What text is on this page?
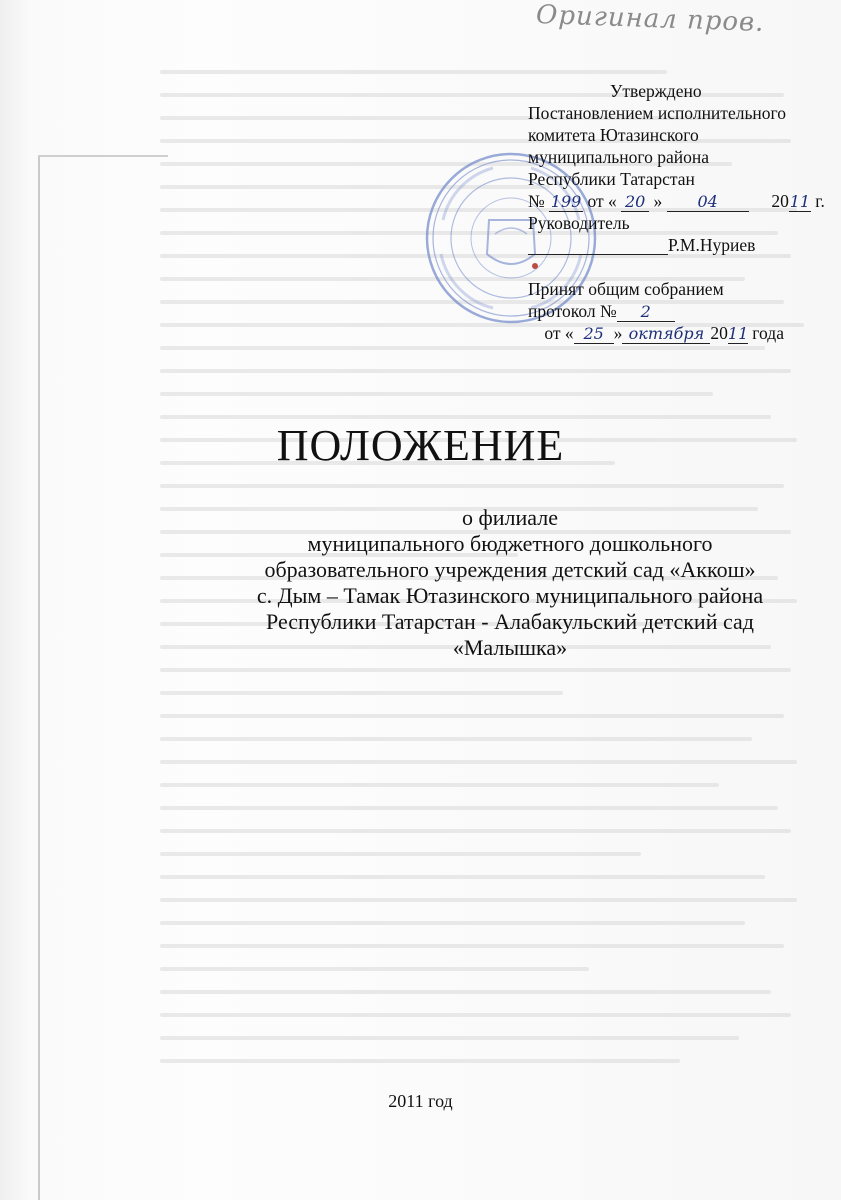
Оригинал пров.
Утверждено
Постановлением исполнительного
комитета Ютазинского
муниципального района
Республики Татарстан
№ 199 от « 20 » 04	2011 г.
Руководитель
Р.М.Нуриев
Принят общим собранием
протокол № 2
от « 25 » октября 2011 года
ПОЛОЖЕНИЕ
о филиале
муниципального бюджетного дошкольного
образовательного учреждения детский сад «Аккош»
с. Дым – Тамак Ютазинского муниципального района
Республики Татарстан - Алабакульский детский сад
«Малышка»
2011 год
